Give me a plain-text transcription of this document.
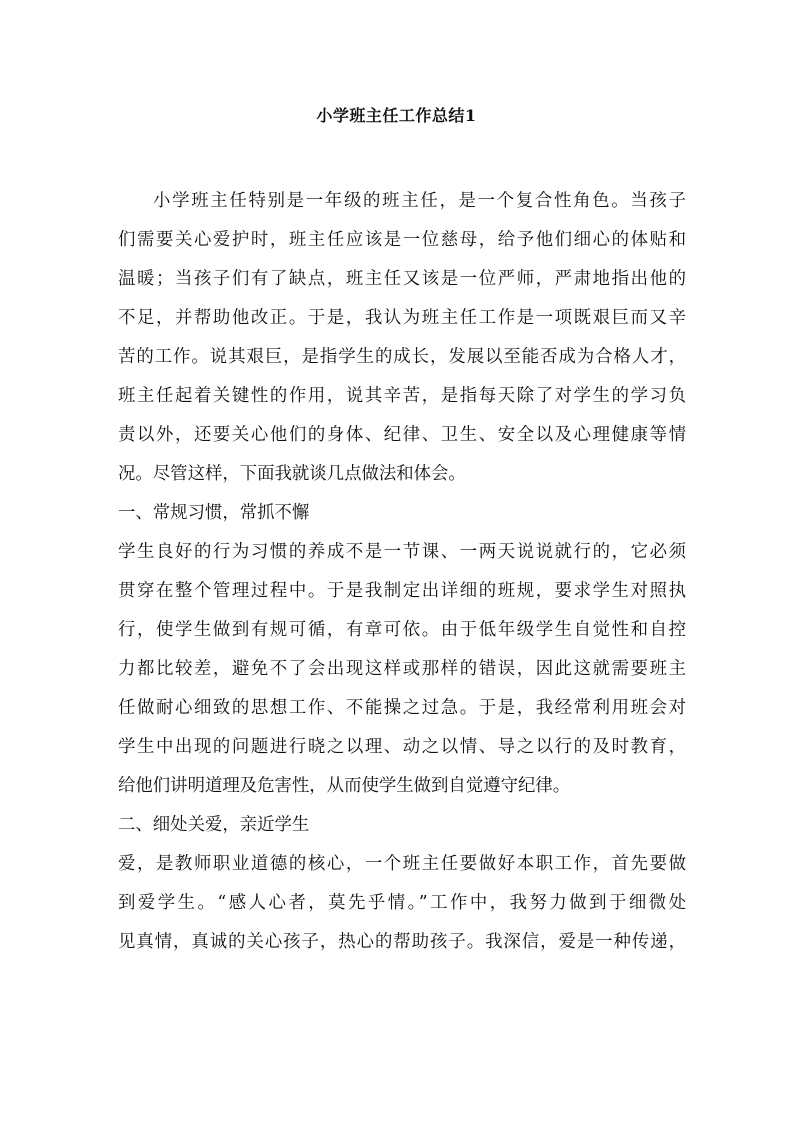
小学班主任工作总结1
小学班主任特别是一年级的班主任，是一个复合性角色。当孩子
们需要关心爱护时，班主任应该是一位慈母，给予他们细心的体贴和
温暖；当孩子们有了缺点，班主任又该是一位严师，严肃地指出他的
不足，并帮助他改正。于是，我认为班主任工作是一项既艰巨而又辛
苦的工作。说其艰巨，是指学生的成长，发展以至能否成为合格人才，
班主任起着关键性的作用，说其辛苦，是指每天除了对学生的学习负
责以外，还要关心他们的身体、纪律、卫生、安全以及心理健康等情
况。尽管这样，下面我就谈几点做法和体会。
一、常规习惯，常抓不懈
学生良好的行为习惯的养成不是一节课、一两天说说就行的，它必须
贯穿在整个管理过程中。于是我制定出详细的班规，要求学生对照执
行，使学生做到有规可循，有章可依。由于低年级学生自觉性和自控
力都比较差，避免不了会出现这样或那样的错误，因此这就需要班主
任做耐心细致的思想工作、不能操之过急。于是，我经常利用班会对
学生中出现的问题进行晓之以理、动之以情、导之以行的及时教育，
给他们讲明道理及危害性，从而使学生做到自觉遵守纪律。
二、细处关爱，亲近学生
爱，是教师职业道德的核心，一个班主任要做好本职工作，首先要做
到爱学生。“感人心者，莫先乎情。”工作中，我努力做到于细微处
见真情，真诚的关心孩子，热心的帮助孩子。我深信，爱是一种传递，
